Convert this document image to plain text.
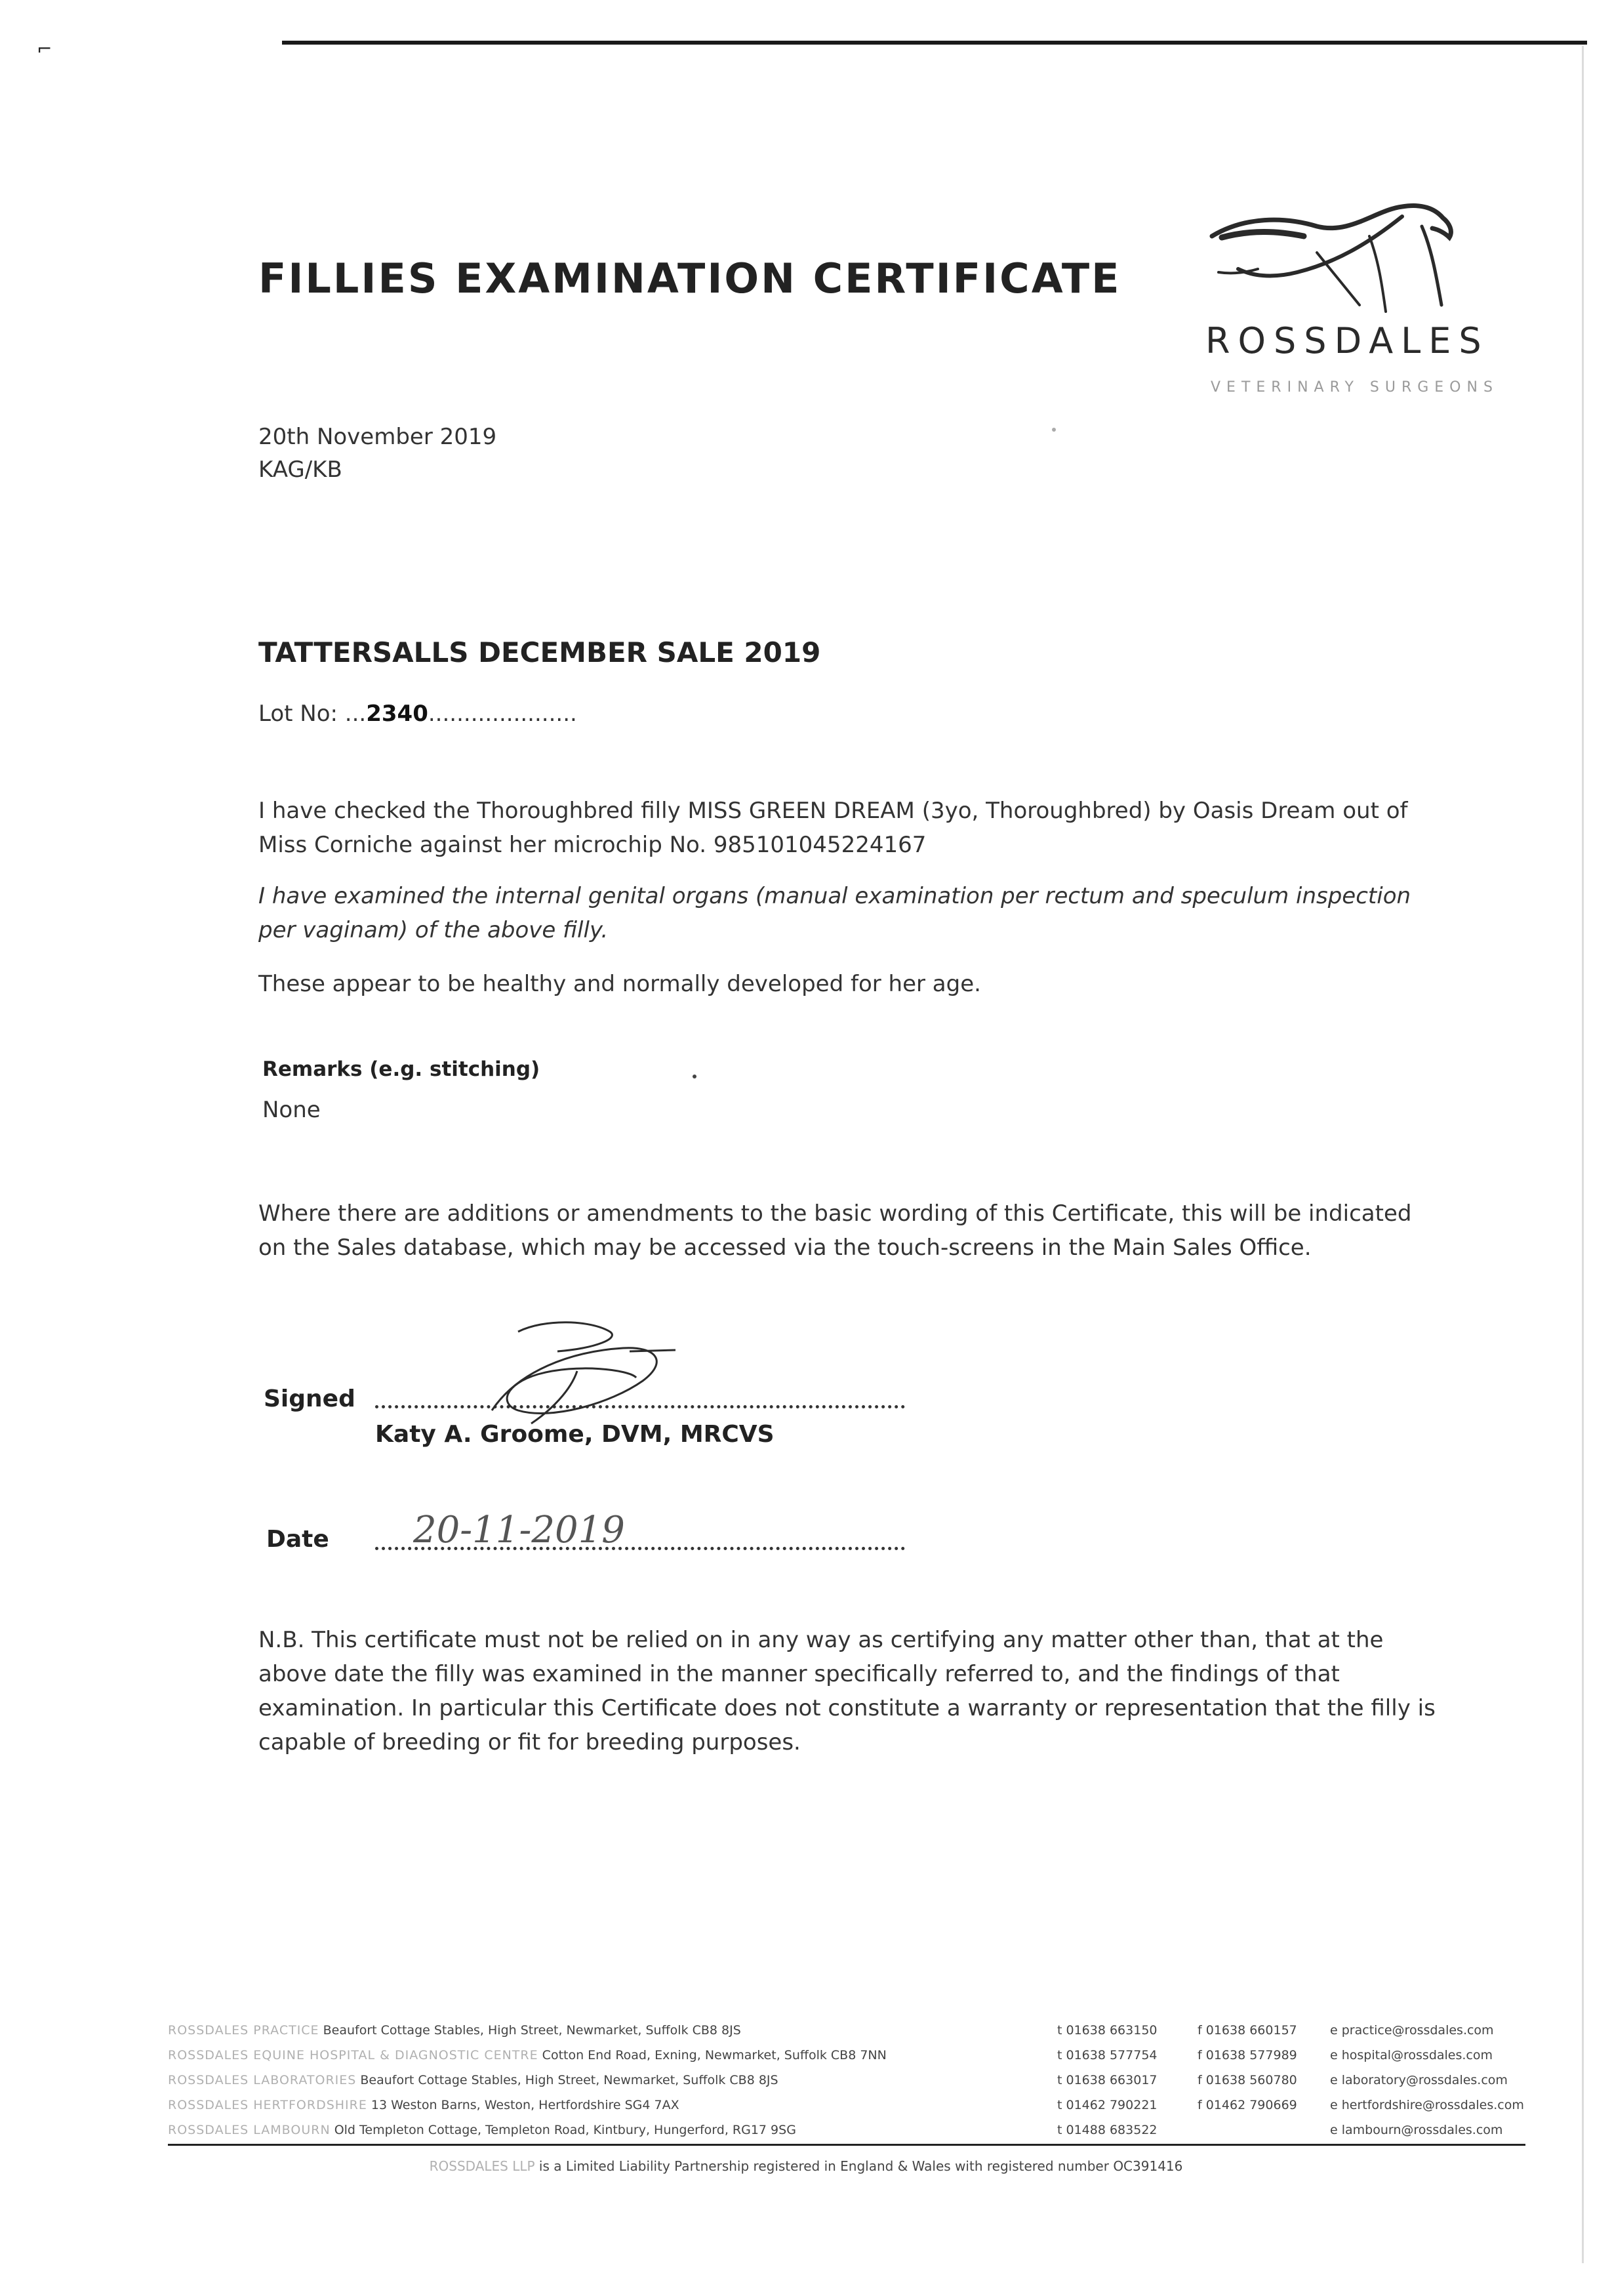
⌐
FILLIES EXAMINATION CERTIFICATE
ROSSDALES
VETERINARY SURGEONS
20th November 2019
KAG/KB
TATTERSALLS DECEMBER SALE 2019
Lot No: ...2340.....................
I have checked the Thoroughbred filly MISS GREEN DREAM (3yo, Thoroughbred) by Oasis Dream out of Miss Corniche against her microchip No. 985101045224167
I have examined the internal genital organs (manual examination per rectum and speculum inspection per vaginam) of the above filly.
These appear to be healthy and normally developed for her age.
Remarks (e.g. stitching)
None
Where there are additions or amendments to the basic wording of this Certificate, this will be indicated on the Sales database, which may be accessed via the touch-screens in the Main Sales Office.
Signed
Katy A. Groome, DVM, MRCVS
Date 20-11-2019
N.B. This certificate must not be relied on in any way as certifying any matter other than, that at the above date the filly was examined in the manner specifically referred to, and the findings of that examination. In particular this Certificate does not constitute a warranty or representation that the filly is capable of breeding or fit for breeding purposes.
ROSSDALES PRACTICE Beaufort Cottage Stables, High Street, Newmarket, Suffolk CB8 8JS
ROSSDALES EQUINE HOSPITAL & DIAGNOSTIC CENTRE Cotton End Road, Exning, Newmarket, Suffolk CB8 7NN
ROSSDALES LABORATORIES Beaufort Cottage Stables, High Street, Newmarket, Suffolk CB8 8JS
ROSSDALES HERTFORDSHIRE 13 Weston Barns, Weston, Hertfordshire SG4 7AX
ROSSDALES LAMBOURN Old Templeton Cottage, Templeton Road, Kintbury, Hungerford, RG17 9SG
t 01638 663150
t 01638 577754
t 01638 663017
t 01462 790221
t 01488 683522
f 01638 660157
f 01638 577989
f 01638 560780
f 01462 790669
e practice@rossdales.com
e hospital@rossdales.com
e laboratory@rossdales.com
e hertfordshire@rossdales.com
e lambourn@rossdales.com
ROSSDALES LLP is a Limited Liability Partnership registered in England & Wales with registered number OC391416
